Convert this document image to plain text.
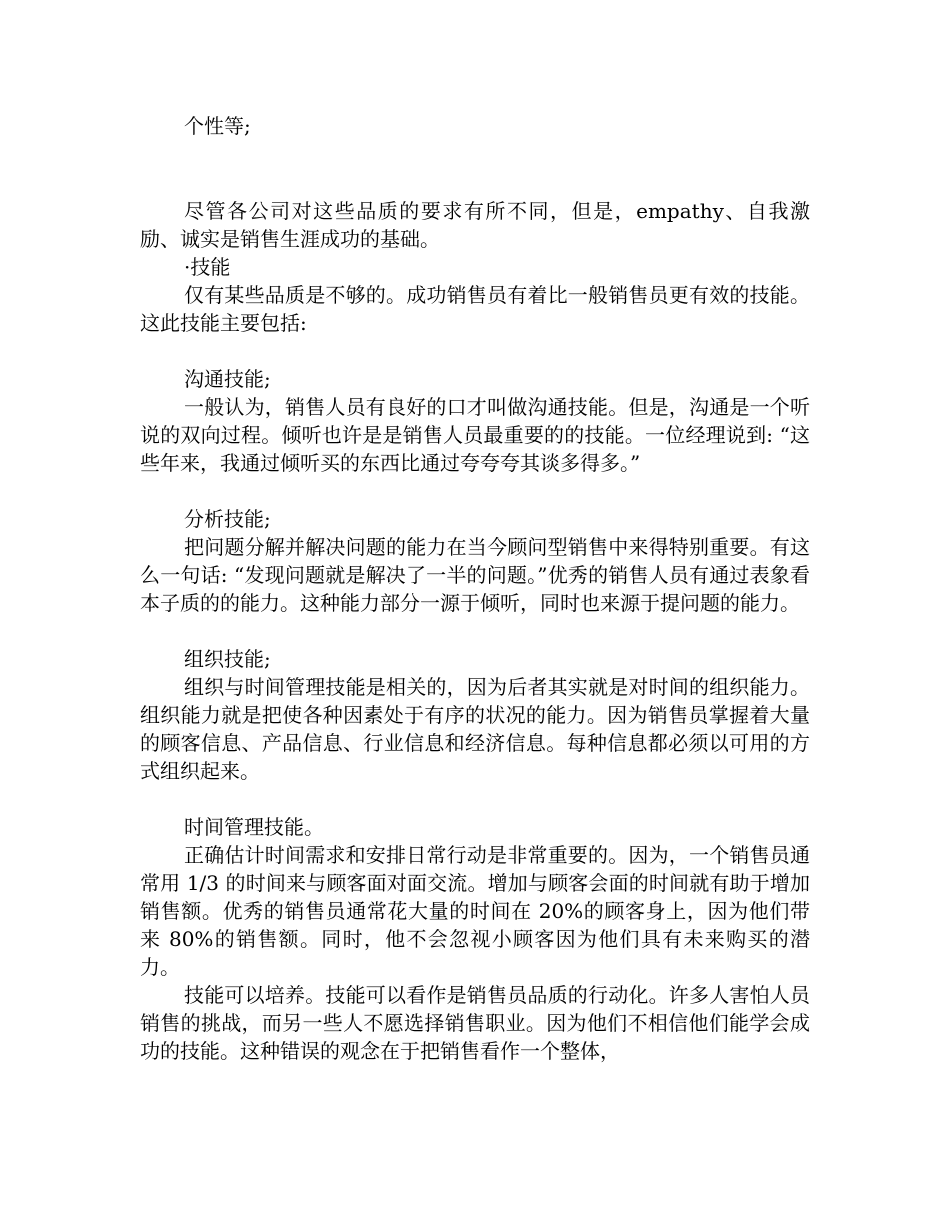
个性等;

尽管各公司对这些品质的要求有所不同，但是，empathy、自我激励、诚实是销售生涯成功的基础。

·技能

仅有某些品质是不够的。成功销售员有着比一般销售员更有效的技能。这此技能主要包括:

沟通技能;

一般认为，销售人员有良好的口才叫做沟通技能。但是，沟通是一个听说的双向过程。倾听也许是是销售人员最重要的的技能。一位经理说到: “这些年来，我通过倾听买的东西比通过夸夸夸其谈多得多。”

分析技能;

把问题分解并解决问题的能力在当今顾问型销售中来得特别重要。有这么一句话: “发现问题就是解决了一半的问题。”优秀的销售人员有通过表象看本子质的的能力。这种能力部分一源于倾听，同时也来源于提问题的能力。

组织技能;

组织与时间管理技能是相关的，因为后者其实就是对时间的组织能力。组织能力就是把使各种因素处于有序的状况的能力。因为销售员掌握着大量的顾客信息、产品信息、行业信息和经济信息。每种信息都必须以可用的方式组织起来。

时间管理技能。

正确估计时间需求和安排日常行动是非常重要的。因为，一个销售员通常用 1/3 的时间来与顾客面对面交流。增加与顾客会面的时间就有助于增加销售额。优秀的销售员通常花大量的时间在 20%的顾客身上，因为他们带来 80%的销售额。同时，他不会忽视小顾客因为他们具有未来购买的潜力。

技能可以培养。技能可以看作是销售员品质的行动化。许多人害怕人员销售的挑战，而另一些人不愿选择销售职业。因为他们不相信他们能学会成功的技能。这种错误的观念在于把销售看作一个整体，
